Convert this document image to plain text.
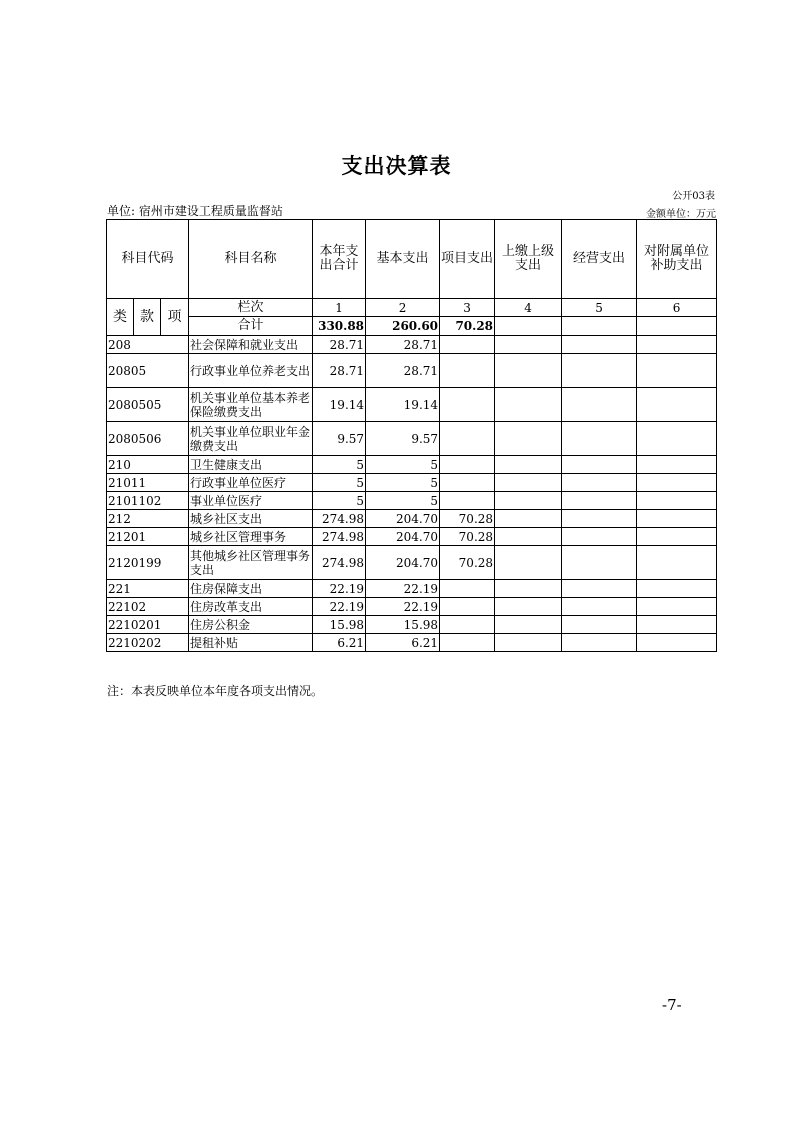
支出决算表
公开03表
单位: 宿州市建设工程质量监督站	金额单位：万元
科目代码			科目名称	本年支出合计	基本支出	项目支出	上缴上级支出	经营支出	对附属单位补助支出
类	款	项	栏次	1	2	3	4	5	6
			合计	330.88	260.60	70.28			
208			社会保障和就业支出	28.71	28.71				
20805			行政事业单位养老支出	28.71	28.71				
2080505			机关事业单位基本养老保险缴费支出	19.14	19.14				
2080506			机关事业单位职业年金缴费支出	9.57	9.57				
210			卫生健康支出	5	5				
21011			行政事业单位医疗	5	5				
2101102			事业单位医疗	5	5				
212			城乡社区支出	274.98	204.70	70.28			
21201			城乡社区管理事务	274.98	204.70	70.28			
2120199			其他城乡社区管理事务支出	274.98	204.70	70.28			
221			住房保障支出	22.19	22.19				
22102			住房改革支出	22.19	22.19				
2210201			住房公积金	15.98	15.98				
2210202			提租补贴	6.21	6.21				
注：本表反映单位本年度各项支出情况。
-7-
